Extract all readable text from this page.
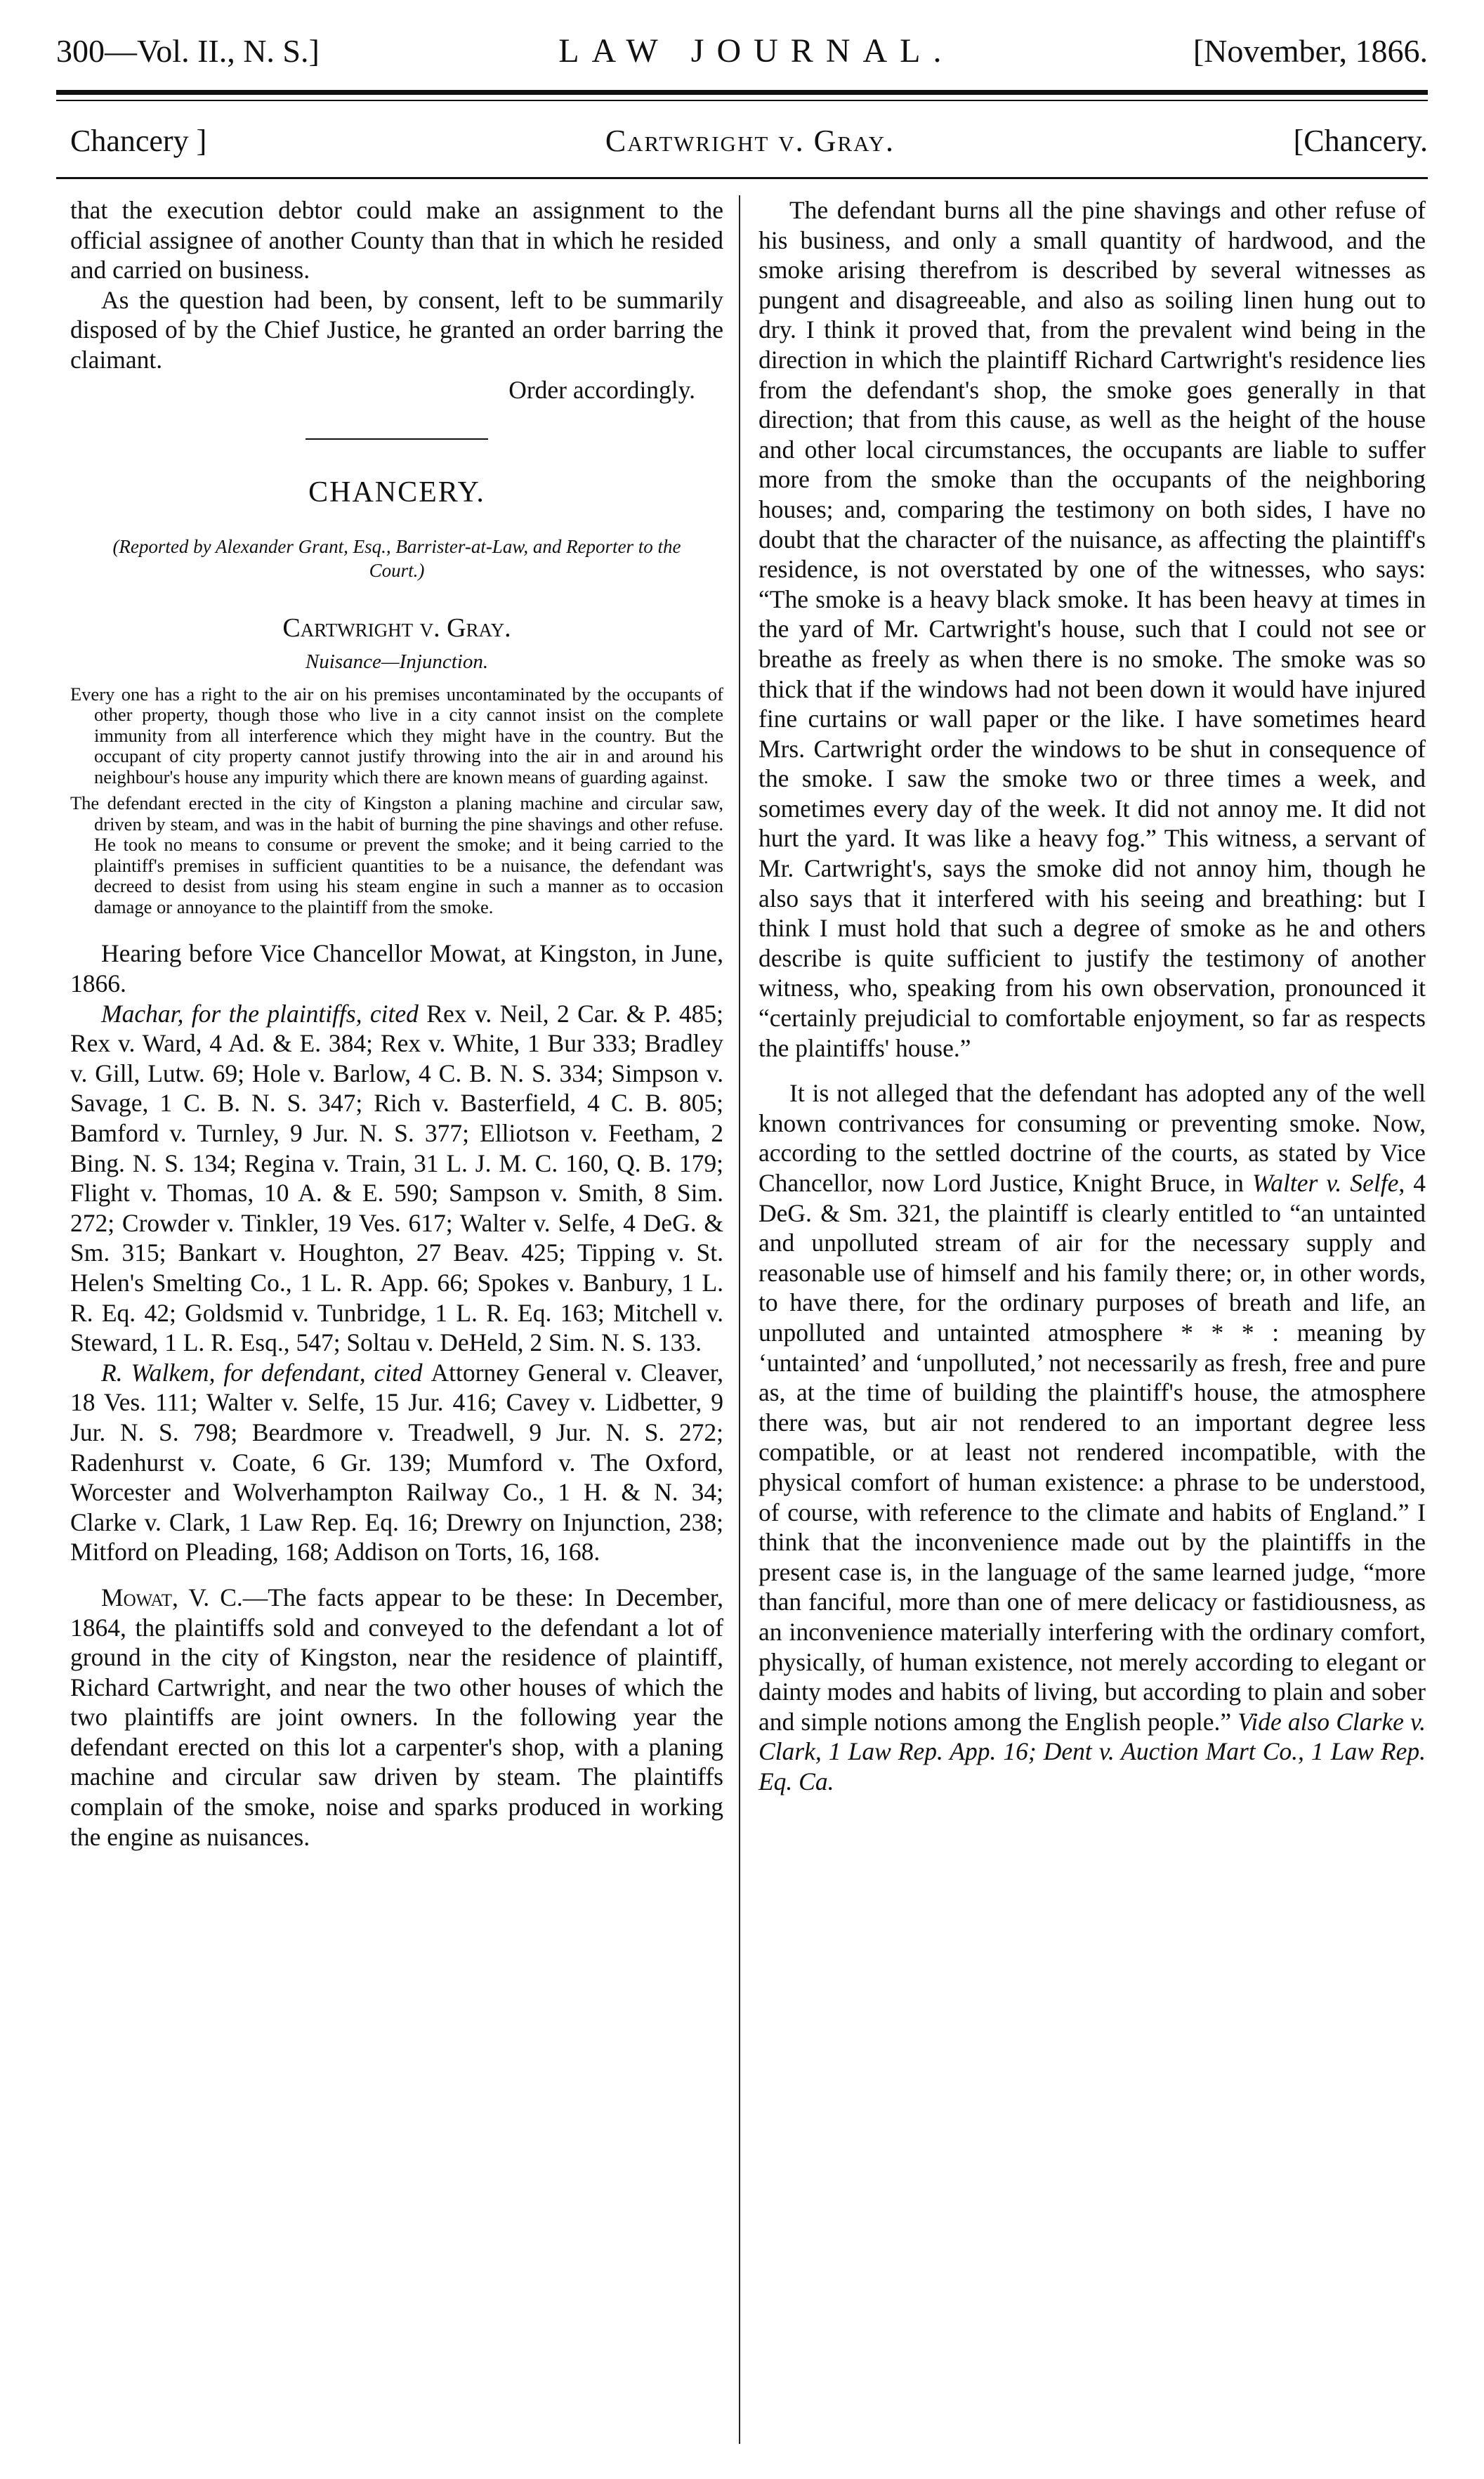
300—Vol. II., N. S.]	LAW JOURNAL.	[November, 1866.
Chancery ]	Cartwright v. Gray.	[Chancery.

that the execution debtor could make an assignment to the official assignee of another County than that in which he resided and carried on business.

As the question had been, by consent, left to be summarily disposed of by the Chief Justice, he granted an order barring the claimant.

Order accordingly.

CHANCERY.
(Reported by Alexander Grant, Esq., Barrister-at-Law, and Reporter to the Court.)
Cartwright v. Gray.
Nuisance—Injunction.

Every one has a right to the air on his premises uncontaminated by the occupants of other property, though those who live in a city cannot insist on the complete immunity from all interference which they might have in the country. But the occupant of city property cannot justify throwing into the air in and around his neighbour's house any impurity which there are known means of guarding against.

The defendant erected in the city of Kingston a planing machine and circular saw, driven by steam, and was in the habit of burning the pine shavings and other refuse. He took no means to consume or prevent the smoke; and it being carried to the plaintiff's premises in sufficient quantities to be a nuisance, the defendant was decreed to desist from using his steam engine in such a manner as to occasion damage or annoyance to the plaintiff from the smoke.

Hearing before Vice Chancellor Mowat, at Kingston, in June, 1866.

Machar, for the plaintiffs, cited Rex v. Neil, 2 Car. & P. 485; Rex v. Ward, 4 Ad. & E. 384; Rex v. White, 1 Bur 333; Bradley v. Gill, Lutw. 69; Hole v. Barlow, 4 C. B. N. S. 334; Simpson v. Savage, 1 C. B. N. S. 347; Rich v. Basterfield, 4 C. B. 805; Bamford v. Turnley, 9 Jur. N. S. 377; Elliotson v. Feetham, 2 Bing. N. S. 134; Regina v. Train, 31 L. J. M. C. 160, Q. B. 179; Flight v. Thomas, 10 A. & E. 590; Sampson v. Smith, 8 Sim. 272; Crowder v. Tinkler, 19 Ves. 617; Walter v. Selfe, 4 DeG. & Sm. 315; Bankart v. Houghton, 27 Beav. 425; Tipping v. St. Helen's Smelting Co., 1 L. R. App. 66; Spokes v. Banbury, 1 L. R. Eq. 42; Goldsmid v. Tunbridge, 1 L. R. Eq. 163; Mitchell v. Steward, 1 L. R. Esq., 547; Soltau v. DeHeld, 2 Sim. N. S. 133.

R. Walkem, for defendant, cited Attorney General v. Cleaver, 18 Ves. 111; Walter v. Selfe, 15 Jur. 416; Cavey v. Lidbetter, 9 Jur. N. S. 798; Beardmore v. Treadwell, 9 Jur. N. S. 272; Radenhurst v. Coate, 6 Gr. 139; Mumford v. The Oxford, Worcester and Wolverhampton Railway Co., 1 H. & N. 34; Clarke v. Clark, 1 Law Rep. Eq. 16; Drewry on Injunction, 238; Mitford on Pleading, 168; Addison on Torts, 16, 168.

Mowat, V. C.—The facts appear to be these: In December, 1864, the plaintiffs sold and conveyed to the defendant a lot of ground in the city of Kingston, near the residence of plaintiff, Richard Cartwright, and near the two other houses of which the two plaintiffs are joint owners. In the following year the defendant erected on this lot a carpenter's shop, with a planing machine and circular saw driven by steam. The plaintiffs complain of the smoke, noise and sparks produced in working the engine as nuisances.

The defendant burns all the pine shavings and other refuse of his business, and only a small quantity of hardwood, and the smoke arising therefrom is described by several witnesses as pungent and disagreeable, and also as soiling linen hung out to dry. I think it proved that, from the prevalent wind being in the direction in which the plaintiff Richard Cartwright's residence lies from the defendant's shop, the smoke goes generally in that direction; that from this cause, as well as the height of the house and other local circumstances, the occupants are liable to suffer more from the smoke than the occupants of the neighboring houses; and, comparing the testimony on both sides, I have no doubt that the character of the nuisance, as affecting the plaintiff's residence, is not overstated by one of the witnesses, who says: “The smoke is a heavy black smoke. It has been heavy at times in the yard of Mr. Cartwright's house, such that I could not see or breathe as freely as when there is no smoke. The smoke was so thick that if the windows had not been down it would have injured fine curtains or wall paper or the like. I have sometimes heard Mrs. Cartwright order the windows to be shut in consequence of the smoke. I saw the smoke two or three times a week, and sometimes every day of the week. It did not annoy me. It did not hurt the yard. It was like a heavy fog.” This witness, a servant of Mr. Cartwright's, says the smoke did not annoy him, though he also says that it interfered with his seeing and breathing: but I think I must hold that such a degree of smoke as he and others describe is quite sufficient to justify the testimony of another witness, who, speaking from his own observation, pronounced it “certainly prejudicial to comfortable enjoyment, so far as respects the plaintiffs' house.”

It is not alleged that the defendant has adopted any of the well known contrivances for consuming or preventing smoke. Now, according to the settled doctrine of the courts, as stated by Vice Chancellor, now Lord Justice, Knight Bruce, in Walter v. Selfe, 4 DeG. & Sm. 321, the plaintiff is clearly entitled to “an untainted and unpolluted stream of air for the necessary supply and reasonable use of himself and his family there; or, in other words, to have there, for the ordinary purposes of breath and life, an unpolluted and untainted atmosphere * * * : meaning by ‘untainted’ and ‘unpolluted,’ not necessarily as fresh, free and pure as, at the time of building the plaintiff's house, the atmosphere there was, but air not rendered to an important degree less compatible, or at least not rendered incompatible, with the physical comfort of human existence: a phrase to be understood, of course, with reference to the climate and habits of England.” I think that the inconvenience made out by the plaintiffs in the present case is, in the language of the same learned judge, “more than fanciful, more than one of mere delicacy or fastidiousness, as an inconvenience materially interfering with the ordinary comfort, physically, of human existence, not merely according to elegant or dainty modes and habits of living, but according to plain and sober and simple notions among the English people.” Vide also Clarke v. Clark, 1 Law Rep. App. 16; Dent v. Auction Mart Co., 1 Law Rep. Eq. Ca.
